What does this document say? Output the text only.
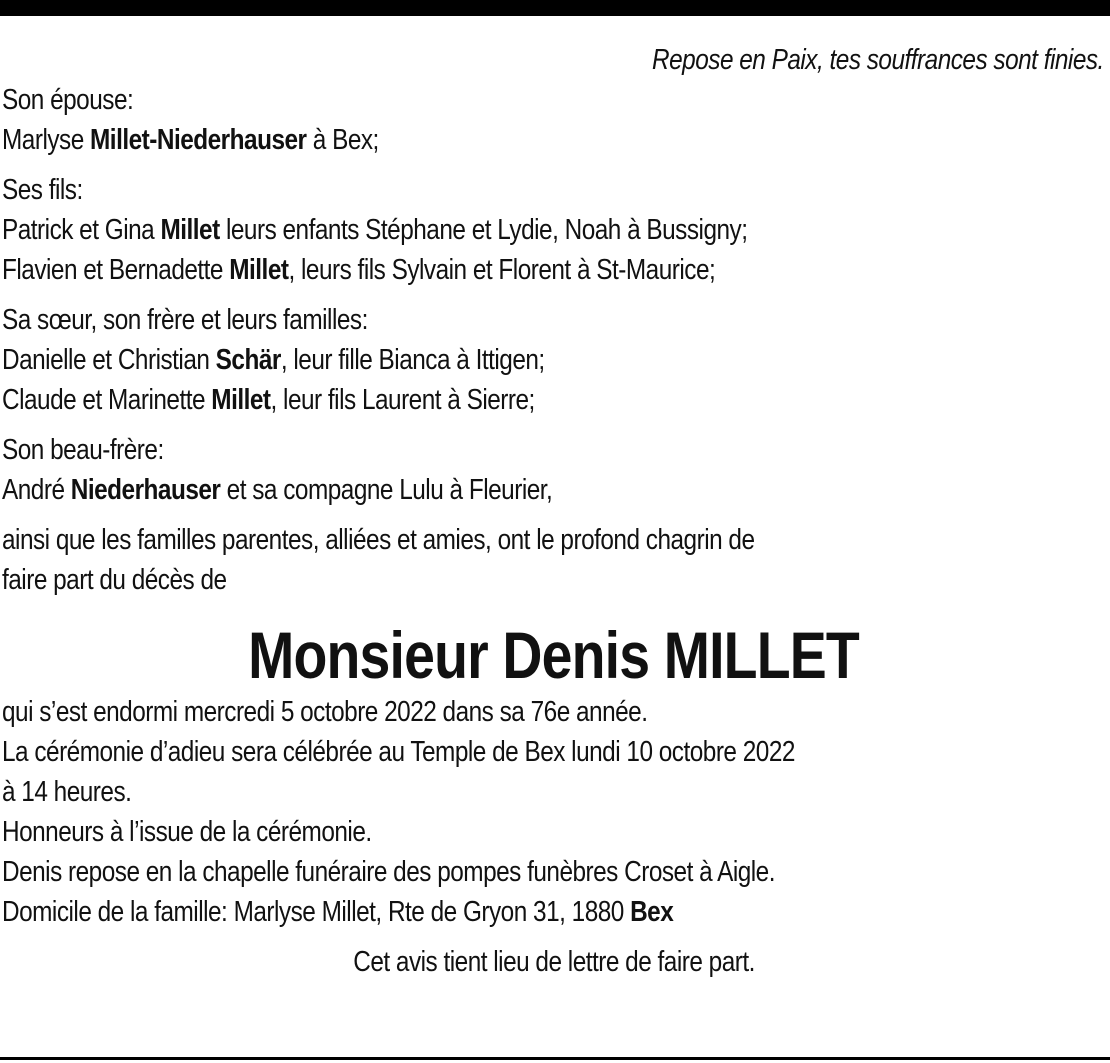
Repose en Paix, tes souffrances sont finies.
Son épouse:
Marlyse Millet-Niederhauser à Bex;
Ses fils:
Patrick et Gina Millet leurs enfants Stéphane et Lydie, Noah à Bussigny;
Flavien et Bernadette Millet, leurs fils Sylvain et Florent à St-Maurice;
Sa sœur, son frère et leurs familles:
Danielle et Christian Schär, leur fille Bianca à Ittigen;
Claude et Marinette Millet, leur fils Laurent à Sierre;
Son beau-frère:
André Niederhauser et sa compagne Lulu à Fleurier,
ainsi que les familles parentes, alliées et amies, ont le profond chagrin de
faire part du décès de
Monsieur Denis MILLET
qui s’est endormi mercredi 5 octobre 2022 dans sa 76e année.
La cérémonie d’adieu sera célébrée au Temple de Bex lundi 10 octobre 2022
à 14 heures.
Honneurs à l’issue de la cérémonie.
Denis repose en la chapelle funéraire des pompes funèbres Croset à Aigle.
Domicile de la famille: Marlyse Millet, Rte de Gryon 31, 1880 Bex
Cet avis tient lieu de lettre de faire part.
